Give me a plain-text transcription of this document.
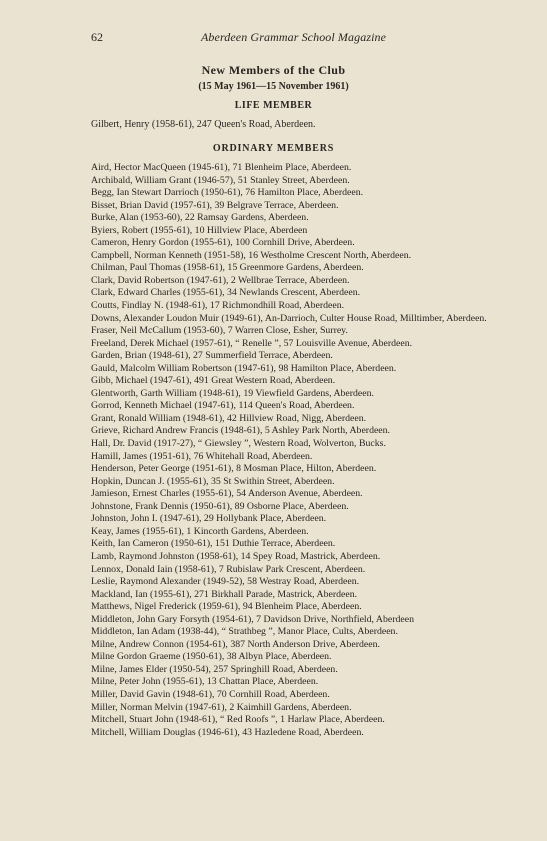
62	Aberdeen Grammar School Magazine
New Members of the Club
(15 May 1961—15 November 1961)
LIFE MEMBER
Gilbert, Henry (1958-61), 247 Queen's Road, Aberdeen.
ORDINARY MEMBERS
Aird, Hector MacQueen (1945-61), 71 Blenheim Place, Aberdeen.
Archibald, William Grant (1946-57), 51 Stanley Street, Aberdeen.
Begg, Ian Stewart Darrioch (1950-61), 76 Hamilton Place, Aberdeen.
Bisset, Brian David (1957-61), 39 Belgrave Terrace, Aberdeen.
Burke, Alan (1953-60), 22 Ramsay Gardens, Aberdeen.
Byiers, Robert (1955-61), 10 Hillview Place, Aberdeen
Cameron, Henry Gordon (1955-61), 100 Cornhill Drive, Aberdeen.
Campbell, Norman Kenneth (1951-58), 16 Westholme Crescent North, Aberdeen.
Chilman, Paul Thomas (1958-61), 15 Greenmore Gardens, Aberdeen.
Clark, David Robertson (1947-61), 2 Wellbrae Terrace, Aberdeen.
Clark, Edward Charles (1955-61), 34 Newlands Crescent, Aberdeen.
Coutts, Findlay N. (1948-61), 17 Richmondhill Road, Aberdeen.
Downs, Alexander Loudon Muir (1949-61), An-Darrioch, Culter House Road, Milltimber, Aberdeen.
Fraser, Neil McCallum (1953-60), 7 Warren Close, Esher, Surrey.
Freeland, Derek Michael (1957-61), “ Renelle ”, 57 Louisville Avenue, Aberdeen.
Garden, Brian (1948-61), 27 Summerfield Terrace, Aberdeen.
Gauld, Malcolm William Robertson (1947-61), 98 Hamilton Place, Aberdeen.
Gibb, Michael (1947-61), 491 Great Western Road, Aberdeen.
Glentworth, Garth William (1948-61), 19 Viewfield Gardens, Aberdeen.
Gorrod, Kenneth Michael (1947-61), 114 Queen's Road, Aberdeen.
Grant, Ronald William (1948-61), 42 Hillview Road, Nigg, Aberdeen.
Grieve, Richard Andrew Francis (1948-61), 5 Ashley Park North, Aberdeen.
Hall, Dr. David (1917-27), “ Giewsley ”, Western Road, Wolverton, Bucks.
Hamill, James (1951-61), 76 Whitehall Road, Aberdeen.
Henderson, Peter George (1951-61), 8 Mosman Place, Hilton, Aberdeen.
Hopkin, Duncan J. (1955-61), 35 St Swithin Street, Aberdeen.
Jamieson, Ernest Charles (1955-61), 54 Anderson Avenue, Aberdeen.
Johnstone, Frank Dennis (1950-61), 89 Osborne Place, Aberdeen.
Johnston, John I. (1947-61), 29 Hollybank Place, Aberdeen.
Keay, James (1955-61), 1 Kincorth Gardens, Aberdeen.
Keith, Ian Cameron (1950-61), 151 Duthie Terrace, Aberdeen.
Lamb, Raymond Johnston (1958-61), 14 Spey Road, Mastrick, Aberdeen.
Lennox, Donald Iain (1958-61), 7 Rubislaw Park Crescent, Aberdeen.
Leslie, Raymond Alexander (1949-52), 58 Westray Road, Aberdeen.
Mackland, Ian (1955-61), 271 Birkhall Parade, Mastrick, Aberdeen.
Matthews, Nigel Frederick (1959-61), 94 Blenheim Place, Aberdeen.
Middleton, John Gary Forsyth (1954-61), 7 Davidson Drive, Northfield, Aberdeen
Middleton, Ian Adam (1938-44), “ Strathbeg ”, Manor Place, Cults, Aberdeen.
Milne, Andrew Connon (1954-61), 387 North Anderson Drive, Aberdeen.
Milne Gordon Graeme (1950-61), 38 Albyn Place, Aberdeen.
Milne, James Elder (1950-54), 257 Springhill Road, Aberdeen.
Milne, Peter John (1955-61), 13 Chattan Place, Aberdeen.
Miller, David Gavin (1948-61), 70 Cornhill Road, Aberdeen.
Miller, Norman Melvin (1947-61), 2 Kaimhill Gardens, Aberdeen.
Mitchell, Stuart John (1948-61), “ Red Roofs ”, 1 Harlaw Place, Aberdeen.
Mitchell, William Douglas (1946-61), 43 Hazledene Road, Aberdeen.
